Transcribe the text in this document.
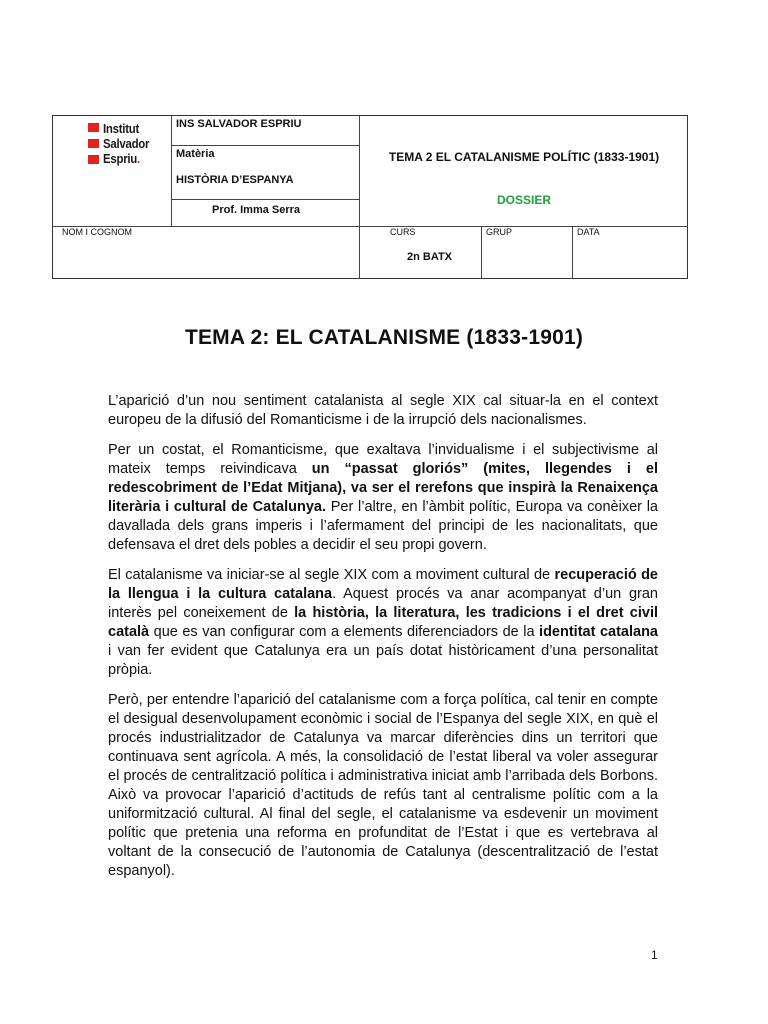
Institut
Salvador
Espriu.
INS SALVADOR ESPRIU
Matèria
HISTÒRIA D’ESPANYA
Prof. Imma Serra
TEMA 2 EL CATALANISME POLÍTIC (1833-1901)
DOSSIER
NOM I COGNOM	CURS
2n BATX
GRUP	DATA
TEMA 2: EL CATALANISME (1833-1901)

L’aparició d’un nou sentiment catalanista al segle XIX cal situar-la en el context europeu de la difusió del Romanticisme i de la irrupció dels nacionalismes.

Per un costat, el Romanticisme, que exaltava l’invidualisme i el subjectivisme al mateix temps reivindicava un “passat gloriós” (mites, llegendes i el redescobriment de l’Edat Mitjana), va ser el rerefons que inspirà la Renaixença literària i cultural de Catalunya. Per l’altre, en l’àmbit polític, Europa va conèixer la davallada dels grans imperis i l’afermament del principi de les nacionalitats, que defensava el dret dels pobles a decidir el seu propi govern.

El catalanisme va iniciar-se al segle XIX com a moviment cultural de recuperació de la llengua i la cultura catalana. Aquest procés va anar acompanyat d’un gran interès pel coneixement de la història, la literatura, les tradicions i el dret civil català que es van configurar com a elements diferenciadors de la identitat catalana i van fer evident que Catalunya era un país dotat històricament d’una personalitat pròpia.

Però, per entendre l’aparició del catalanisme com a força política, cal tenir en compte el desigual desenvolupament econòmic i social de l’Espanya del segle XIX, en què el procés industrialitzador de Catalunya va marcar diferències dins un territori que continuava sent agrícola. A més, la consolidació de l’estat liberal va voler assegurar el procés de centralització política i administrativa iniciat amb l’arribada dels Borbons. Això va provocar l’aparició d’actituds de refús tant al centralisme polític com a la uniformització cultural. Al final del segle, el catalanisme va esdevenir un moviment polític que pretenia una reforma en profunditat de l’Estat i que es vertebrava al voltant de la consecució de l’autonomia de Catalunya (descentralització de l’estat espanyol).

1
